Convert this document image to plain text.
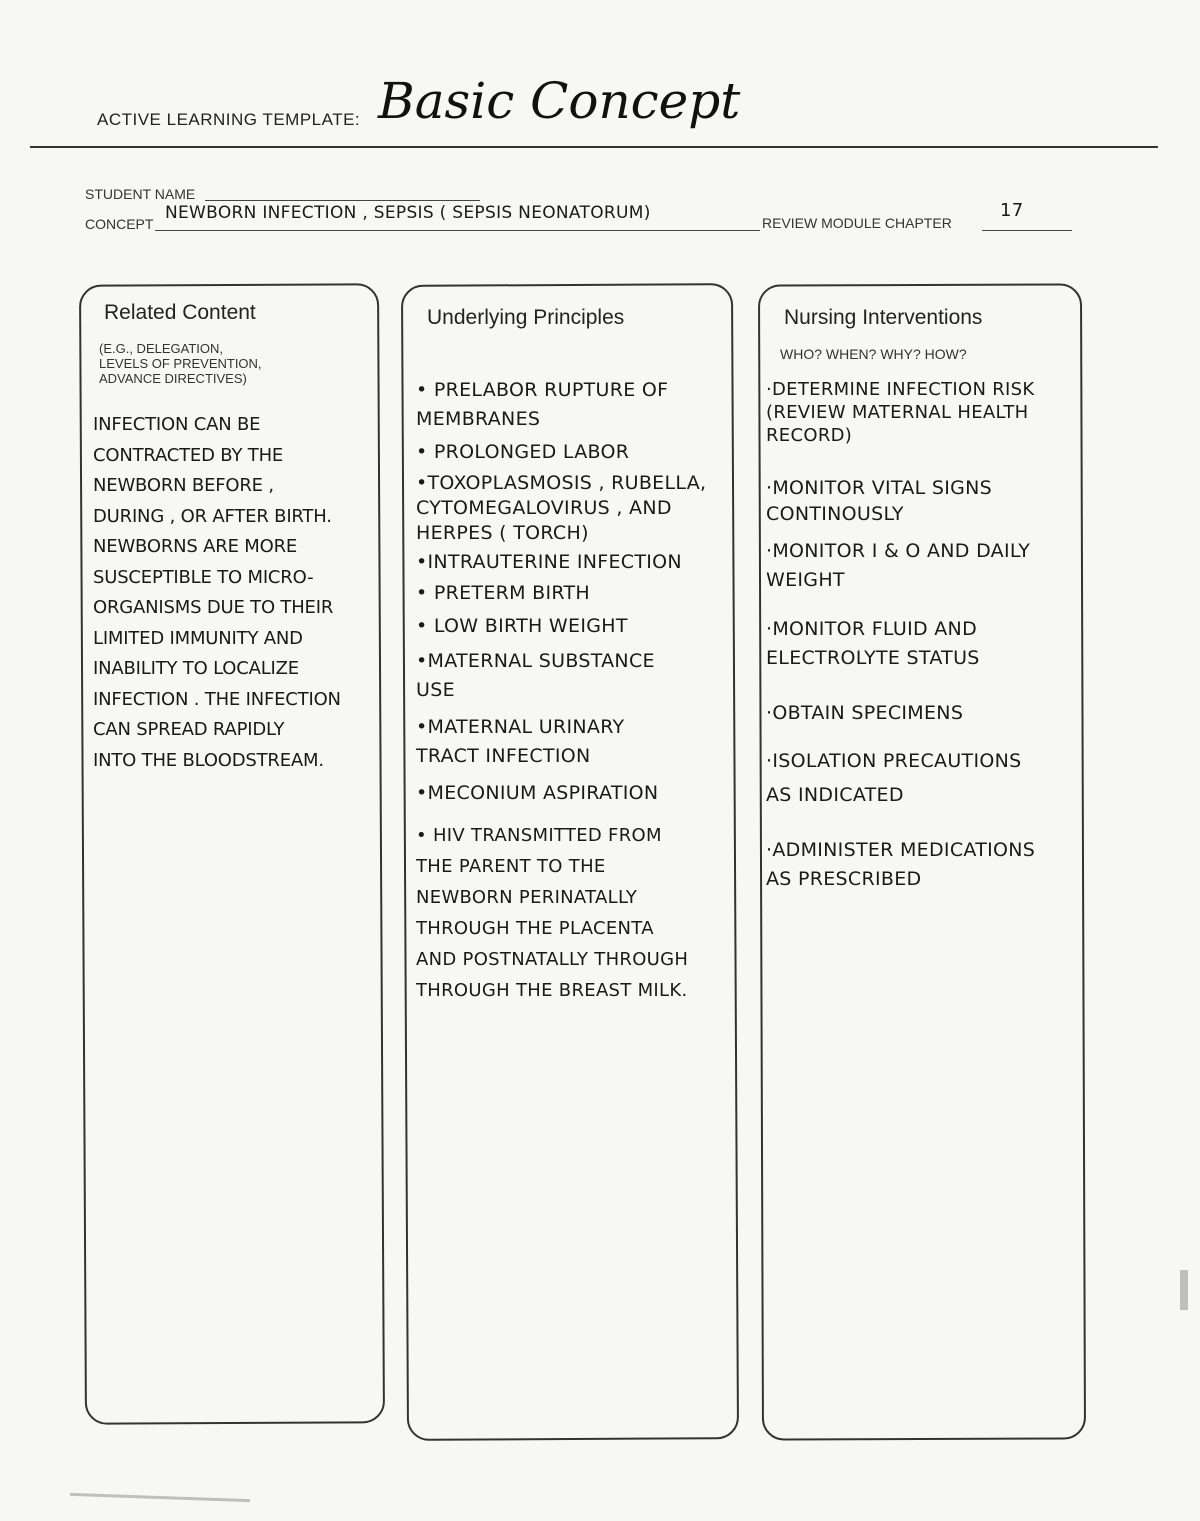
ACTIVE LEARNING TEMPLATE: Basic Concept
STUDENT NAME
CONCEPT
NEWBORN INFECTION , SEPSIS ( SEPSIS NEONATORUM)	REVIEW MODULE CHAPTER
17
Related Content
(E.G., DELEGATION,
LEVELS OF PREVENTION,
ADVANCE DIRECTIVES)
INFECTION CAN BE
CONTRACTED BY THE
NEWBORN BEFORE ,
DURING , OR AFTER BIRTH.
NEWBORNS ARE MORE
SUSCEPTIBLE TO MICRO-
ORGANISMS DUE TO THEIR
LIMITED IMMUNITY AND
INABILITY TO LOCALIZE
INFECTION . THE INFECTION
CAN SPREAD RAPIDLY
INTO THE BLOODSTREAM.
Underlying Principles
• PRELABOR RUPTURE OF
MEMBRANES
• PROLONGED LABOR
•TOXOPLASMOSIS , RUBELLA,
CYTOMEGALOVIRUS , AND
HERPES ( TORCH)
•INTRAUTERINE INFECTION
• PRETERM BIRTH
• LOW BIRTH WEIGHT
•MATERNAL SUBSTANCE
USE
•MATERNAL URINARY
TRACT INFECTION
•MECONIUM ASPIRATION
• HIV TRANSMITTED FROM
THE PARENT TO THE
NEWBORN PERINATALLY
THROUGH THE PLACENTA
AND POSTNATALLY THROUGH
THROUGH THE BREAST MILK.
Nursing Interventions
WHO? WHEN? WHY? HOW?
·DETERMINE INFECTION RISK
(REVIEW MATERNAL HEALTH
RECORD)
·MONITOR VITAL SIGNS
CONTINOUSLY
·MONITOR I & O AND DAILY
WEIGHT
·MONITOR FLUID AND
ELECTROLYTE STATUS
·OBTAIN SPECIMENS
·ISOLATION PRECAUTIONS
AS INDICATED
·ADMINISTER MEDICATIONS
AS PRESCRIBED
